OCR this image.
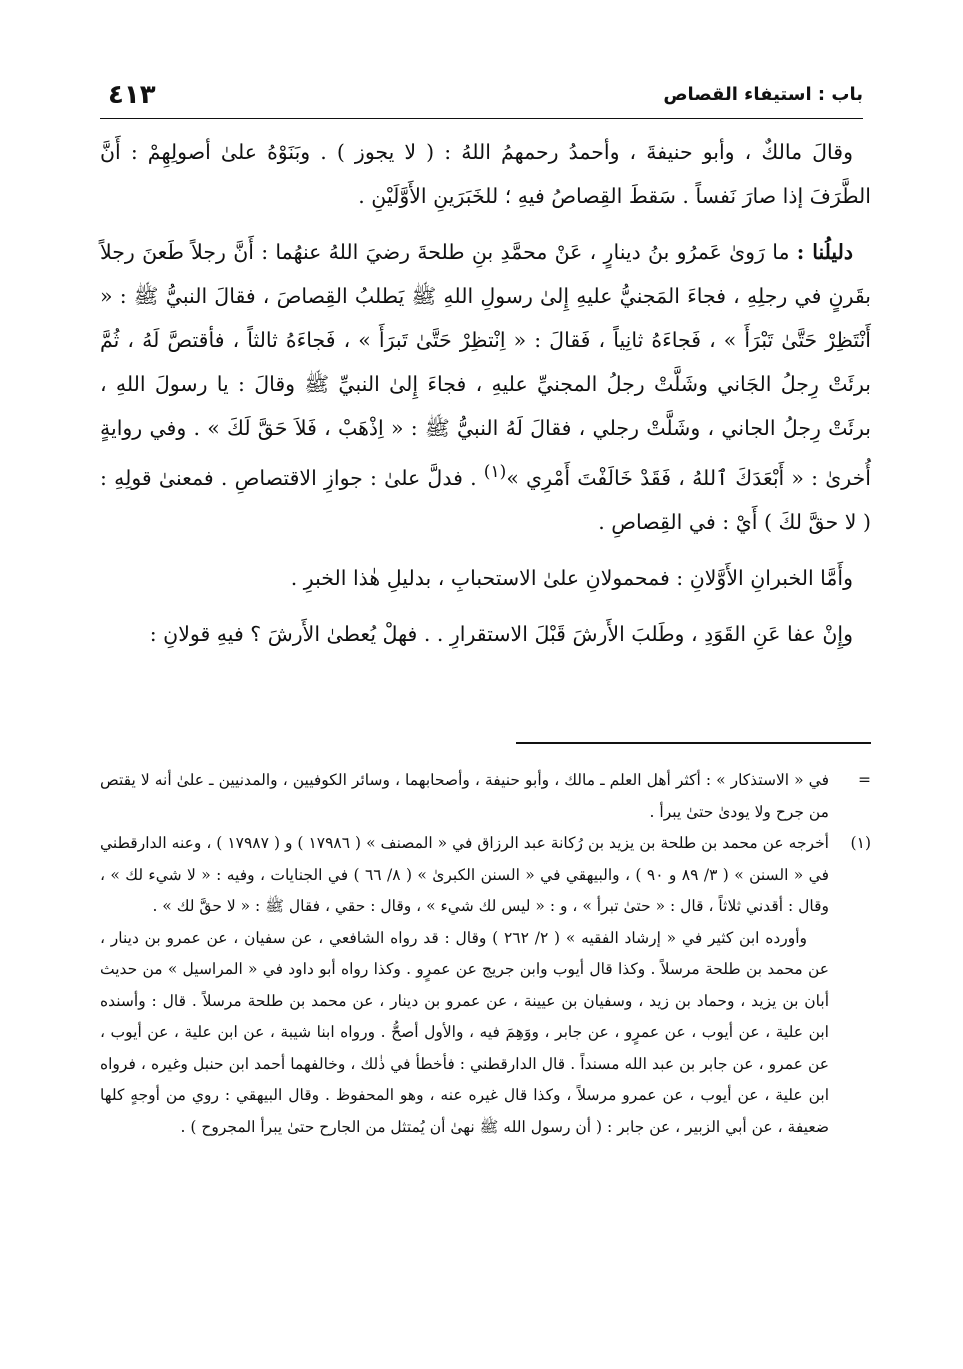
باب : استيفاء القصاص
٤١٣

وقالَ مالكٌ ، وأبو حنيفةَ ، وأحمدُ رحمهمُ اللهُ : ( لا يجوز ) . وبَنَوْهُ علىٰ أصولِهِمْ : أَنَّ الطَّرَفَ إذا صارَ نَفساً . سَقطَ القِصاصُ فيهِ ؛ للخَبَرَينِ الأَوَّلَيْنِ .

دليلُنا : ما رَوىٰ عَمرُو بنُ دينارٍ ، عَنْ محمَّدِ بنِ طلحةَ رضيَ اللهُ عنهُما : أَنَّ رجلاً طَعنَ رجلاً بقَرنٍ في رجلِهِ ، فجاءَ المَجنيُّ عليهِ إِلىٰ رسولِ اللهِ ﷺ يَطلبُ القِصاصَ ، فقالَ النبيُّ ﷺ : « أَنْتَظِرْ حَتَّىٰ تَبْرَأَ » ، فَجاءَهُ ثانِياً ، فَقالَ : « اِنْتظِرْ حَتَّىٰ تَبرَأَ » ، فَجاءَهُ ثالثاً ، فأقتصَّ لَهُ ، ثُمَّ برئَتْ رِجلُ الجَاني وشَلَّتْ رجلُ المجنيِّ عليهِ ، فجاءَ إِلىٰ النبيِّ ﷺ وقالَ : يا رسولَ اللهِ ، برئَتْ رِجلُ الجاني ، وشَلَّتْ رجلي ، فقالَ لَهُ النبيُّ ﷺ : « اِذْهَبْ ، فَلاَ حَقَّ لَكَ » . وفي روايةٍ أُخرىٰ : « أَبْعَدَكَ ٱللهُ ، فَقَدْ خَالَفْتَ أَمْرِي »$^{(١)}$ . فدلَّ علىٰ : جوازِ الاقتصاصِ . فمعنىٰ قولِهِ : ( لا حقَّ لكَ ) أَيْ : في القِصاصِ .

وأَمَّا الخبرانِ الأَوَّلانِ : فمحمولانِ علىٰ الاستحبابِ ، بدليلِ هٰذا الخبرِ .

وإِنْ عفا عَنِ القَوَدِ ، وطَلبَ الأَرشَ قَبْلَ الاستقرارِ . . فهلْ يُعطىٰ الأَرشَ ؟ فيهِ قولانِ :

=

في « الاستذكار » : أكثر أهل العلم ـ مالك ، وأبو حنيفة ، وأصحابهما ، وسائر الكوفيين ، والمدنيين ـ علىٰ أنه لا يقتص من جرح ولا يودىٰ حتىٰ يبرأ .

(١)

أخرجه عن محمد بن طلحة بن يزيد بن رُكانة عبد الرزاق في « المصنف » ( ١٧٩٨٦ ) و ( ١٧٩٨٧ ) ، وعنه الدارقطني في « السنن » ( ٣/ ٨٩ و ٩٠ ) ، والبيهقي في « السنن الكبرىٰ » ( ٨/ ٦٦ ) في الجنايات ، وفيه : « لا شيء لك » ، وقال : أقدني ثلاثاً ، قال : « حتىٰ تبرأ » ، و : « ليس لك شيء » ، وقال : حقي ، فقال ﷺ : « لا حقَّ لك » .

وأورده ابن كثير في « إرشاد الفقيه » ( ٢/ ٢٦٢ ) وقال : قد رواه الشافعي ، عن سفيان ، عن عمرو بن دينار ، عن محمد بن طلحة مرسلاً . وكذا قال أيوب وابن جريج عن عمرٍو . وكذا رواه أبو داود في « المراسيل » من حديث أبان بن يزيد ، وحماد بن زيد ، وسفيان بن عيينة ، عن عمرو بن دينار ، عن محمد بن طلحة مرسلاً . قال : وأسنده ابن علية ، عن أيوب ، عن عمرٍو ، عن جابر ، ووَهِمَ فيه ، والأول أصحُّ . ورواه ابنا شيبة ، عن ابن علية ، عن أيوب ، عن عمرو ، عن جابر بن عبد الله مسنداً . قال الدارقطني : فأخطأ في ذٰلك ، وخالفهما أحمد ابن حنبل وغيره ، فرواه ابن علية ، عن أيوب ، عن عمرو مرسلاً ، وكذا قال غيره عنه ، وهو المحفوظ . وقال البيهقي : روي من أوجهٍ كلها ضعيفة ، عن أبي الزبير ، عن جابر : ( أن رسول الله ﷺ نهىٰ أن يُمتثل من الجارح حتىٰ يبرأ المجروح ) .
